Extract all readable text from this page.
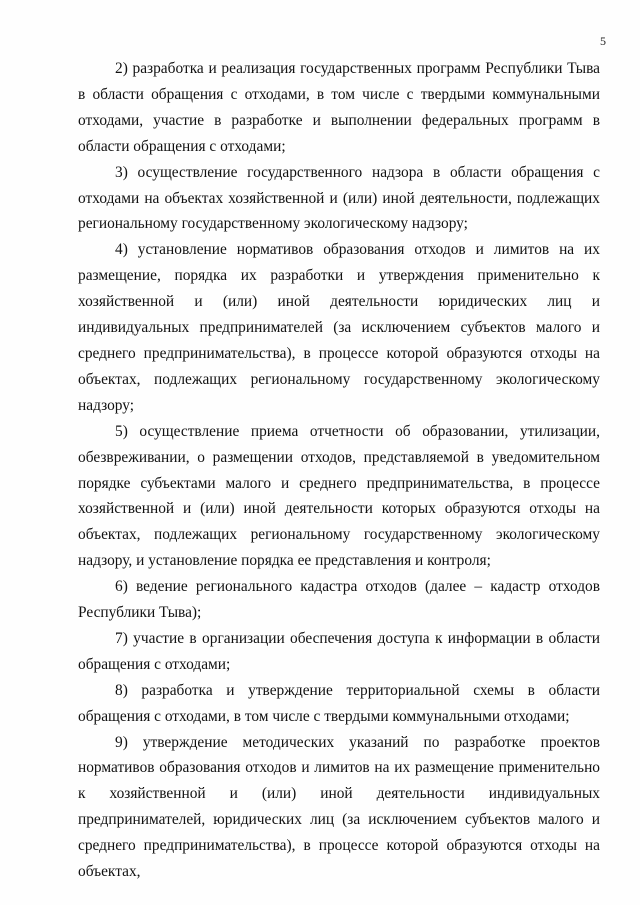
5

2) разработка и реализация государственных программ Республики Тыва в области обращения с отходами, в том числе с твердыми коммунальными отходами, участие в разработке и выполнении федеральных программ в области обращения с отходами;

3) осуществление государственного надзора в области обращения с отходами на объектах хозяйственной и (или) иной деятельности, подлежащих региональному государственному экологическому надзору;

4) установление нормативов образования отходов и лимитов на их размещение, порядка их разработки и утверждения применительно к хозяйственной и (или) иной деятельности юридических лиц и индивидуальных предпринимателей (за исключением субъектов малого и среднего предпринимательства), в процессе которой образуются отходы на объектах, подлежащих региональному государственному экологическому надзору;

5) осуществление приема отчетности об образовании, утилизации, обезвреживании, о размещении отходов, представляемой в уведомительном порядке субъектами малого и среднего предпринимательства, в процессе хозяйственной и (или) иной деятельности которых образуются отходы на объектах, подлежащих региональному государственному экологическому надзору, и установление порядка ее представления и контроля;

6) ведение регионального кадастра отходов (далее – кадастр отходов Республики Тыва);

7) участие в организации обеспечения доступа к информации в области обращения с отходами;

8) разработка и утверждение территориальной схемы в области обращения с отходами, в том числе с твердыми коммунальными отходами;

9) утверждение методических указаний по разработке проектов нормативов образования отходов и лимитов на их размещение применительно к хозяйственной и (или) иной деятельности индивидуальных предпринимателей, юридических лиц (за исключением субъектов малого и среднего предпринимательства), в процессе которой образуются отходы на объектах,
